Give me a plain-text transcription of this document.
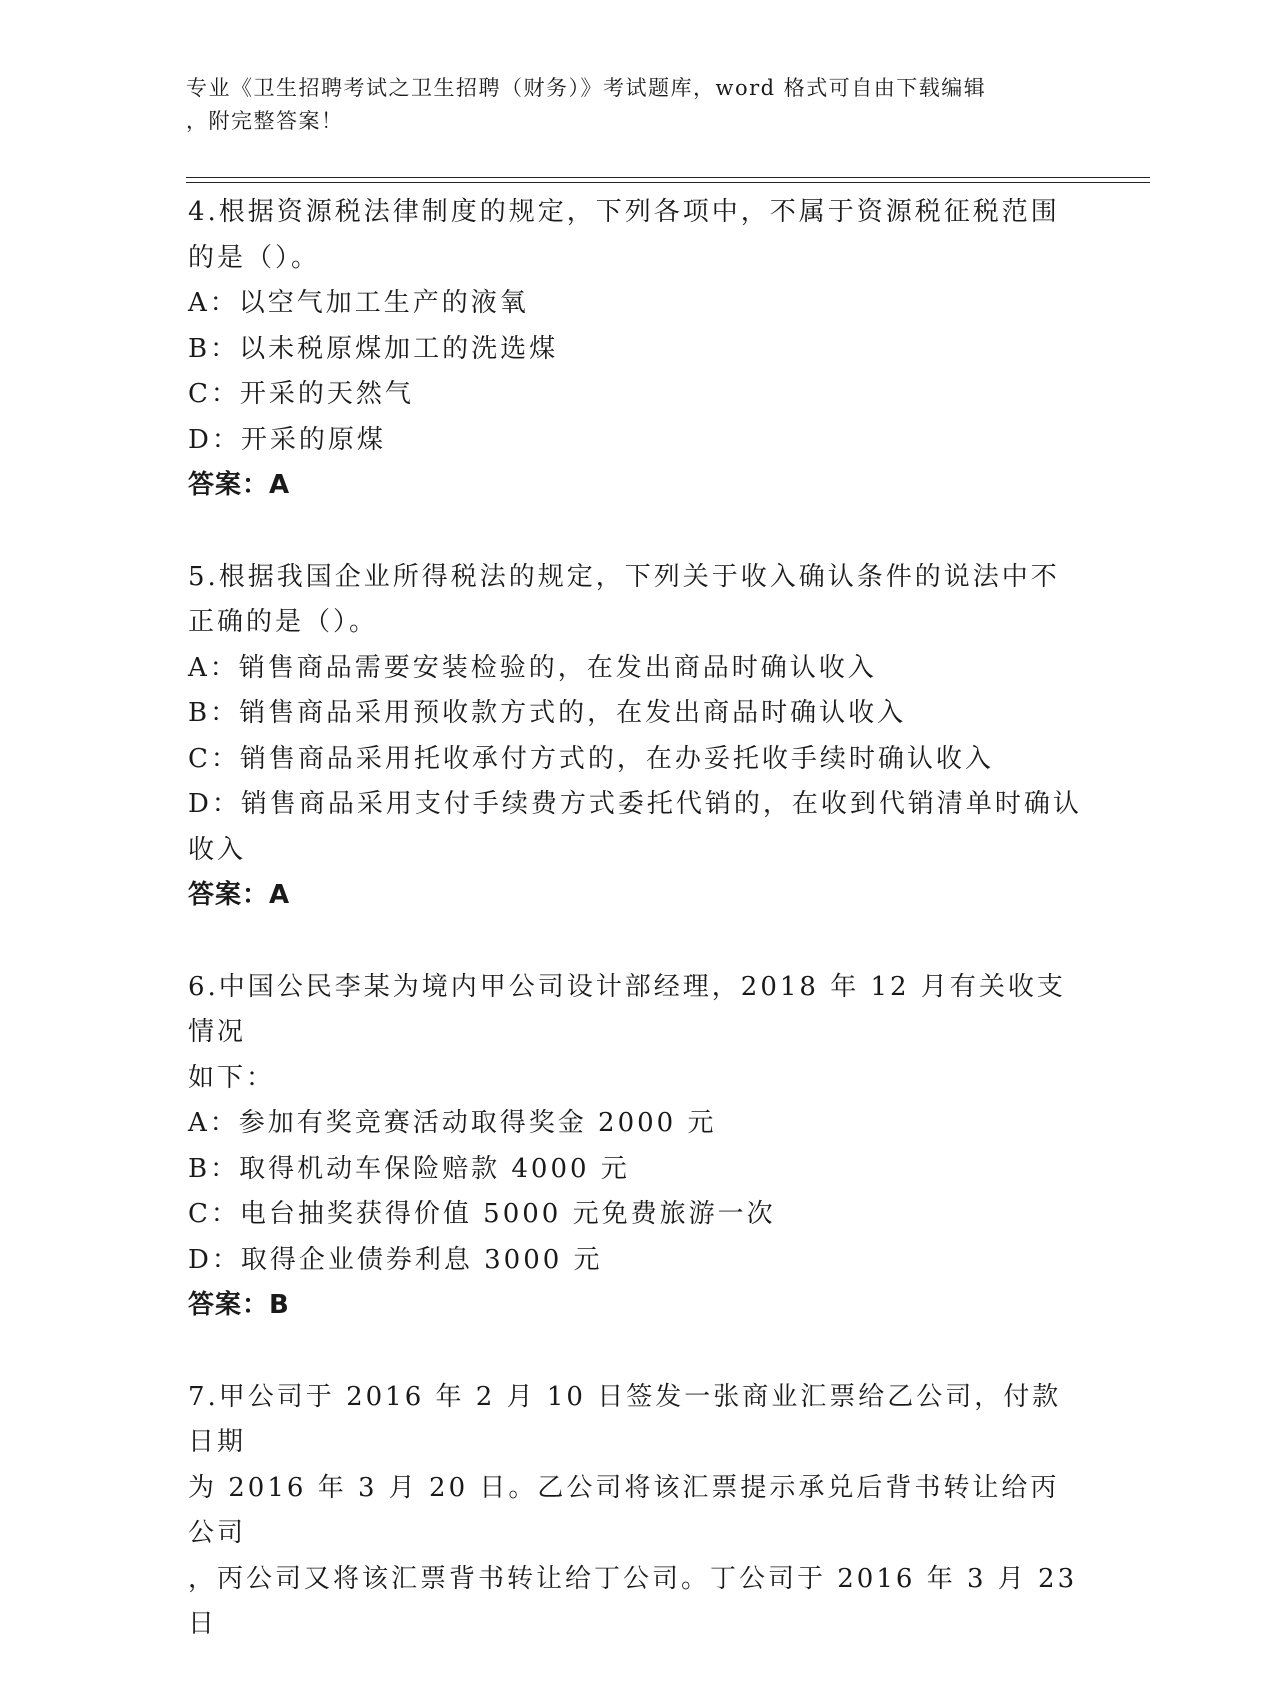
专业《卫生招聘考试之卫生招聘（财务）》考试题库，word 格式可自由下载编辑
，附完整答案！
4.根据资源税法律制度的规定，下列各项中，不属于资源税征税范围
的是（）。
A：以空气加工生产的液氧
B：以未税原煤加工的洗选煤
C：开采的天然气
D：开采的原煤
答案：A
5.根据我国企业所得税法的规定，下列关于收入确认条件的说法中不
正确的是（）。
A：销售商品需要安装检验的，在发出商品时确认收入
B：销售商品采用预收款方式的，在发出商品时确认收入
C：销售商品采用托收承付方式的，在办妥托收手续时确认收入
D：销售商品采用支付手续费方式委托代销的，在收到代销清单时确认
收入
答案：A
6.中国公民李某为境内甲公司设计部经理，2018 年 12 月有关收支情况
如下：
A：参加有奖竞赛活动取得奖金 2000 元
B：取得机动车保险赔款 4000 元
C：电台抽奖获得价值 5000 元免费旅游一次
D：取得企业债券利息 3000 元
答案：B
7.甲公司于 2016 年 2 月 10 日签发一张商业汇票给乙公司，付款日期
为 2016 年 3 月 20 日。乙公司将该汇票提示承兑后背书转让给丙公司
，丙公司又将该汇票背书转让给丁公司。丁公司于 2016 年 3 月 23 日
